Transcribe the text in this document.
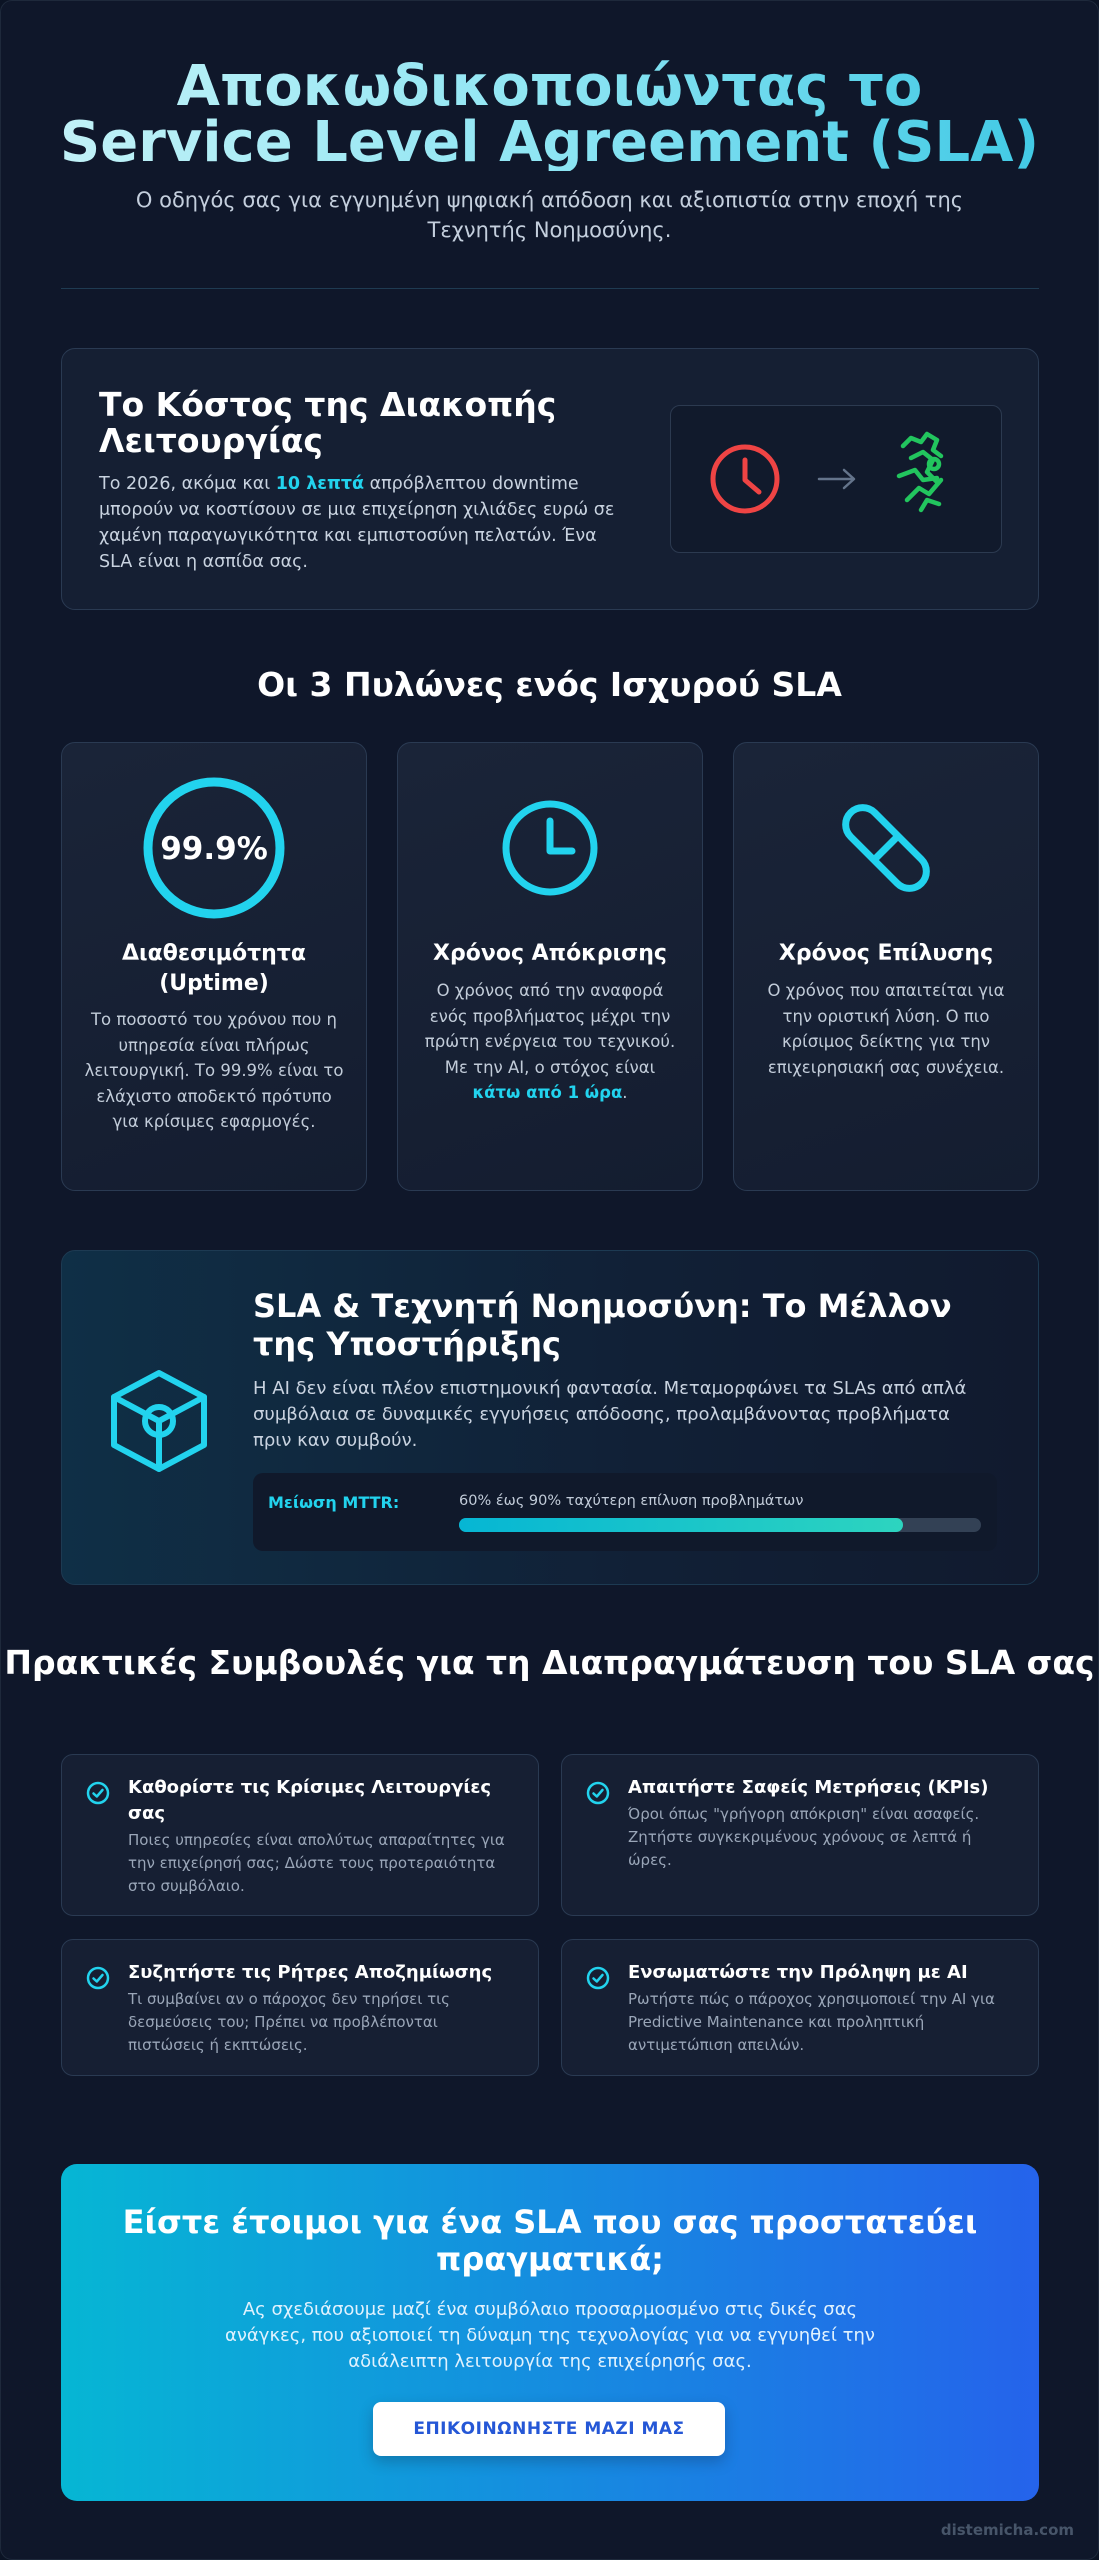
Αποκωδικοποιώντας το
Service Level Agreement (SLA)
Ο οδηγός σας για εγγυημένη ψηφιακή απόδοση και αξιοπιστία στην εποχή της Τεχνητής Νοημοσύνης.
Το Κόστος της Διακοπής Λειτουργίας
Το 2026, ακόμα και 10 λεπτά απρόβλεπτου downtime μπορούν να κοστίσουν σε μια επιχείρηση χιλιάδες ευρώ σε χαμένη παραγωγικότητα και εμπιστοσύνη πελατών. Ένα SLA είναι η ασπίδα σας.
Οι 3 Πυλώνες ενός Ισχυρού SLA
99.9%
Διαθεσιμότητα (Uptime)

Το ποσοστό του χρόνου που η υπηρεσία είναι πλήρως λειτουργική. Το 99.9% είναι το ελάχιστο αποδεκτό πρότυπο για κρίσιμες εφαρμογές.

Χρόνος Απόκρισης

Ο χρόνος από την αναφορά ενός προβλήματος μέχρι την πρώτη ενέργεια του τεχνικού. Με την AI, ο στόχος είναι κάτω από 1 ώρα.

Χρόνος Επίλυσης

Ο χρόνος που απαιτείται για την οριστική λύση. Ο πιο κρίσιμος δείκτης για την επιχειρησιακή σας συνέχεια.

SLA & Τεχνητή Νοημοσύνη: Το Μέλλον της Υποστήριξης
Η AI δεν είναι πλέον επιστημονική φαντασία. Μεταμορφώνει τα SLAs από απλά συμβόλαια σε δυναμικές εγγυήσεις απόδοσης, προλαμβάνοντας προβλήματα πριν καν συμβούν.
Μείωση MTTR:	60% έως 90% ταχύτερη επίλυση προβλημάτων
Πρακτικές Συμβουλές για τη Διαπραγμάτευση του SLA σας
Καθορίστε τις Κρίσιμες Λειτουργίες σας

Ποιες υπηρεσίες είναι απολύτως απαραίτητες για την επιχείρησή σας; Δώστε τους προτεραιότητα στο συμβόλαιο.

Απαιτήστε Σαφείς Μετρήσεις (KPIs)

Όροι όπως "γρήγορη απόκριση" είναι ασαφείς. Ζητήστε συγκεκριμένους χρόνους σε λεπτά ή ώρες.

Συζητήστε τις Ρήτρες Αποζημίωσης

Τι συμβαίνει αν ο πάροχος δεν τηρήσει τις δεσμεύσεις του; Πρέπει να προβλέπονται πιστώσεις ή εκπτώσεις.

Ενσωματώστε την Πρόληψη με AI

Ρωτήστε πώς ο πάροχος χρησιμοποιεί την AI για Predictive Maintenance και προληπτική αντιμετώπιση απειλών.

Είστε έτοιμοι για ένα SLA που σας προστατεύει πραγματικά;

Ας σχεδιάσουμε μαζί ένα συμβόλαιο προσαρμοσμένο στις δικές σας ανάγκες, που αξιοποιεί τη δύναμη της τεχνολογίας για να εγγυηθεί την αδιάλειπτη λειτουργία της επιχείρησής σας.

ΕΠΙΚΟΙΝΩΝΗΣΤΕ ΜΑΖΙ ΜΑΣ
distemicha.com
